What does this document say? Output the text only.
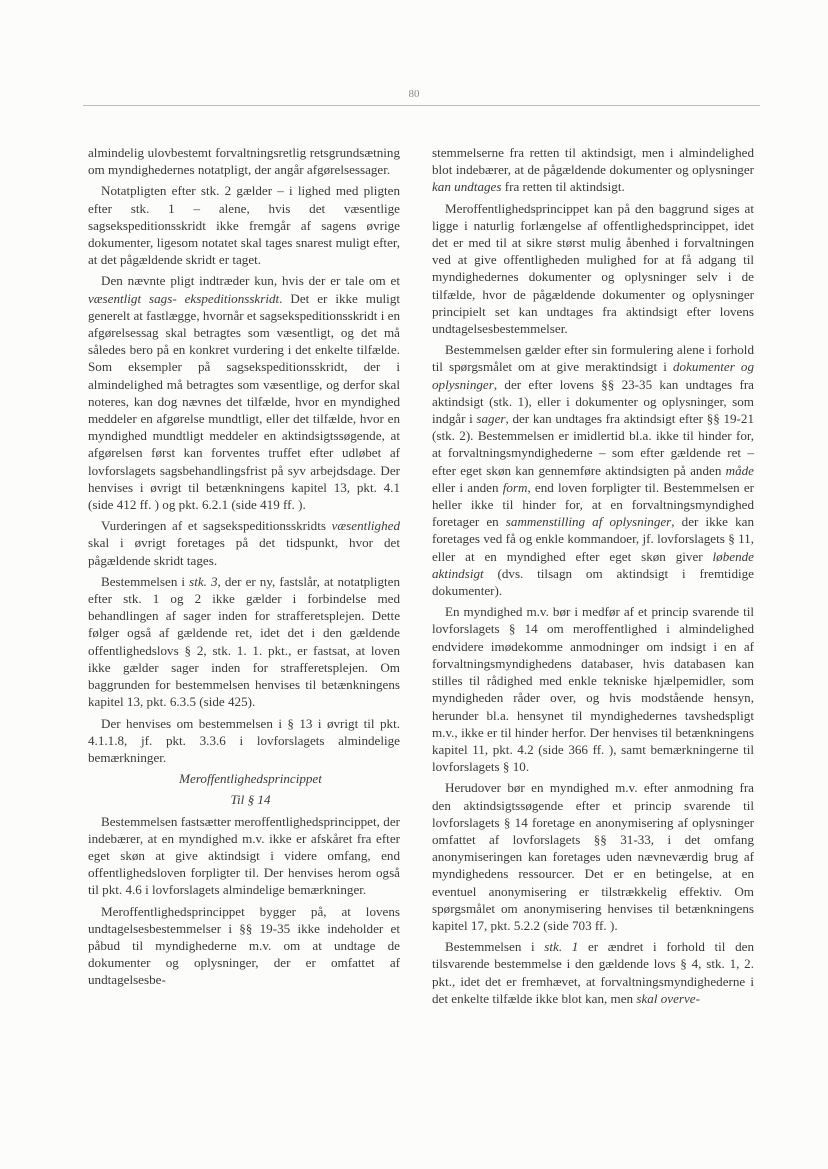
80

almindelig ulovbestemt forvaltningsretlig retsgrundsætning om myndighedernes notatpligt, der angår afgørelsessager.

Notatpligten efter stk. 2 gælder – i lighed med pligten efter stk. 1 – alene, hvis det væsentlige sagsekspeditionsskridt ikke fremgår af sagens øvrige dokumenter, ligesom notatet skal tages snarest muligt efter, at det pågældende skridt er taget.

Den nævnte pligt indtræder kun, hvis der er tale om et væsentligt sags- ekspeditionsskridt. Det er ikke muligt generelt at fastlægge, hvornår et sagsekspeditionsskridt i en afgørelsessag skal betragtes som væsentligt, og det må således bero på en konkret vurdering i det enkelte tilfælde. Som eksempler på sagsekspeditionsskridt, der i almindelighed må betragtes som væsentlige, og derfor skal noteres, kan dog nævnes det tilfælde, hvor en myndighed meddeler en afgørelse mundtligt, eller det tilfælde, hvor en myndighed mundtligt meddeler en aktindsigtssøgende, at afgørelsen først kan forventes truffet efter udløbet af lovforslagets sagsbehandlingsfrist på syv arbejdsdage. Der henvises i øvrigt til betænkningens kapitel 13, pkt. 4.1 (side 412 ff. ) og pkt. 6.2.1 (side 419 ff. ).

Vurderingen af et sagsekspeditionsskridts væsentlighed skal i øvrigt foretages på det tidspunkt, hvor det pågældende skridt tages.

Bestemmelsen i stk. 3, der er ny, fastslår, at notatpligten efter stk. 1 og 2 ikke gælder i forbindelse med behandlingen af sager inden for strafferetsplejen. Dette følger også af gældende ret, idet det i den gældende offentlighedslovs § 2, stk. 1. 1. pkt., er fastsat, at loven ikke gælder sager inden for strafferetsplejen. Om baggrunden for bestemmelsen henvises til betænkningens kapitel 13, pkt. 6.3.5 (side 425).

Der henvises om bestemmelsen i § 13 i øvrigt til pkt. 4.1.1.8, jf. pkt. 3.3.6 i lovforslagets almindelige bemærkninger.

Meroffentlighedsprincippet

Til § 14

Bestemmelsen fastsætter meroffentlighedsprincippet, der indebærer, at en myndighed m.v. ikke er afskåret fra efter eget skøn at give aktindsigt i videre omfang, end offentlighedsloven forpligter til. Der henvises herom også til pkt. 4.6 i lovforslagets almindelige bemærkninger.

Meroffentlighedsprincippet bygger på, at lovens undtagelsesbestemmelser i §§ 19-35 ikke indeholder et påbud til myndighederne m.v. om at undtage de dokumenter og oplysninger, der er omfattet af undtagelsesbe-

stemmelserne fra retten til aktindsigt, men i almindelighed blot indebærer, at de pågældende dokumenter og oplysninger kan undtages fra retten til aktindsigt.

Meroffentlighedsprincippet kan på den baggrund siges at ligge i naturlig forlængelse af offentlighedsprincippet, idet det er med til at sikre størst mulig åbenhed i forvaltningen ved at give offentligheden mulighed for at få adgang til myndighedernes dokumenter og oplysninger selv i de tilfælde, hvor de pågældende dokumenter og oplysninger principielt set kan undtages fra aktindsigt efter lovens undtagelsesbestemmelser.

Bestemmelsen gælder efter sin formulering alene i forhold til spørgsmålet om at give meraktindsigt i dokumenter og oplysninger, der efter lovens §§ 23-35 kan undtages fra aktindsigt (stk. 1), eller i dokumenter og oplysninger, som indgår i sager, der kan undtages fra aktindsigt efter §§ 19-21 (stk. 2). Bestemmelsen er imidlertid bl.a. ikke til hinder for, at forvaltningsmyndighederne – som efter gældende ret – efter eget skøn kan gennemføre aktindsigten på anden måde eller i anden form, end loven forpligter til. Bestemmelsen er heller ikke til hinder for, at en forvaltningsmyndighed foretager en sammenstilling af oplysninger, der ikke kan foretages ved få og enkle kommandoer, jf. lovforslagets § 11, eller at en myndighed efter eget skøn giver løbende aktindsigt (dvs. tilsagn om aktindsigt i fremtidige dokumenter).

En myndighed m.v. bør i medfør af et princip svarende til lovforslagets § 14 om meroffentlighed i almindelighed endvidere imødekomme anmodninger om indsigt i en af forvaltningsmyndighedens databaser, hvis databasen kan stilles til rådighed med enkle tekniske hjælpemidler, som myndigheden råder over, og hvis modstående hensyn, herunder bl.a. hensynet til myndighedernes tavshedspligt m.v., ikke er til hinder herfor. Der henvises til betænkningens kapitel 11, pkt. 4.2 (side 366 ff. ), samt bemærkningerne til lovforslagets § 10.

Herudover bør en myndighed m.v. efter anmodning fra den aktindsigtssøgende efter et princip svarende til lovforslagets § 14 foretage en anonymisering af oplysninger omfattet af lovforslagets §§ 31-33, i det omfang anonymiseringen kan foretages uden nævneværdig brug af myndighedens ressourcer. Det er en betingelse, at en eventuel anonymisering er tilstrækkelig effektiv. Om spørgsmålet om anonymisering henvises til betænkningens kapitel 17, pkt. 5.2.2 (side 703 ff. ).

Bestemmelsen i stk. 1 er ændret i forhold til den tilsvarende bestemmelse i den gældende lovs § 4, stk. 1, 2. pkt., idet det er fremhævet, at forvaltningsmyndighederne i det enkelte tilfælde ikke blot kan, men skal overve-
